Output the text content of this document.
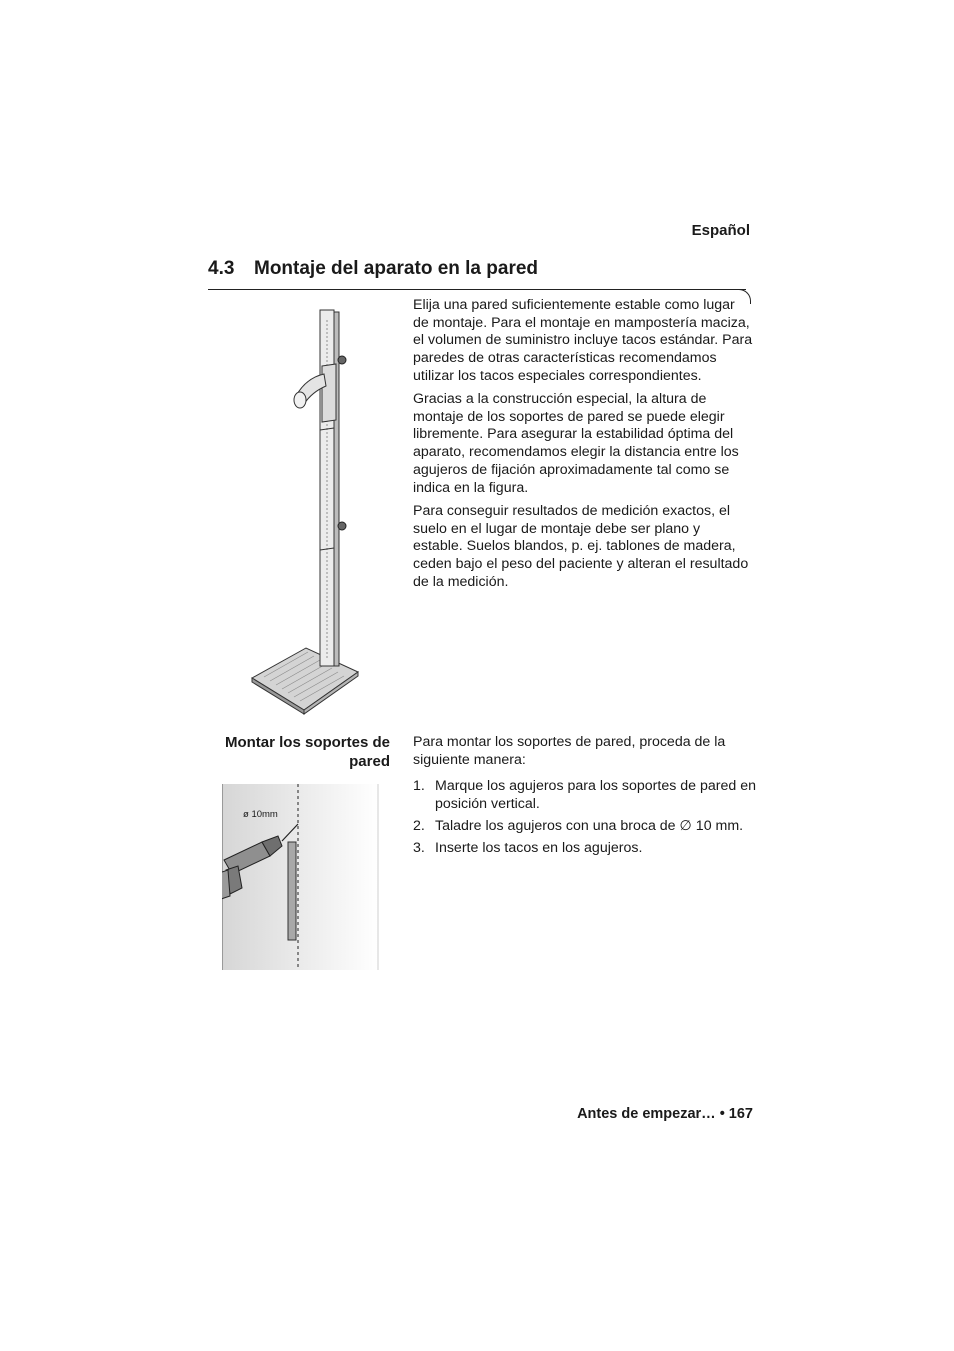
Español
4.3 Montaje del aparato en la pared

Elija una pared suficientemente estable como lugar de montaje. Para el montaje en mampostería maciza, el volumen de suministro incluye tacos estándar. Para paredes de otras características recomendamos utilizar los tacos especiales correspondientes.

Gracias a la construcción especial, la altura de montaje de los soportes de pared se puede elegir libremente. Para asegurar la estabilidad óptima del aparato, recomendamos elegir la distancia entre los agujeros de fijación aproximadamente tal como se indica en la figura.

Para conseguir resultados de medición exactos, el suelo en el lugar de montaje debe ser plano y estable. Suelos blandos, p. ej. tablones de madera, ceden bajo el peso del paciente y alteran el resultado de la medición.

Montar los soportes de pared

Para montar los soportes de pared, proceda de la siguiente manera:

1. Marque los agujeros para los soportes de pared en posición vertical.
2. Taladre los agujeros con una broca de ∅ 10 mm.
3. Inserte los tacos en los agujeros.
ø 10mm
Antes de empezar… • 167
